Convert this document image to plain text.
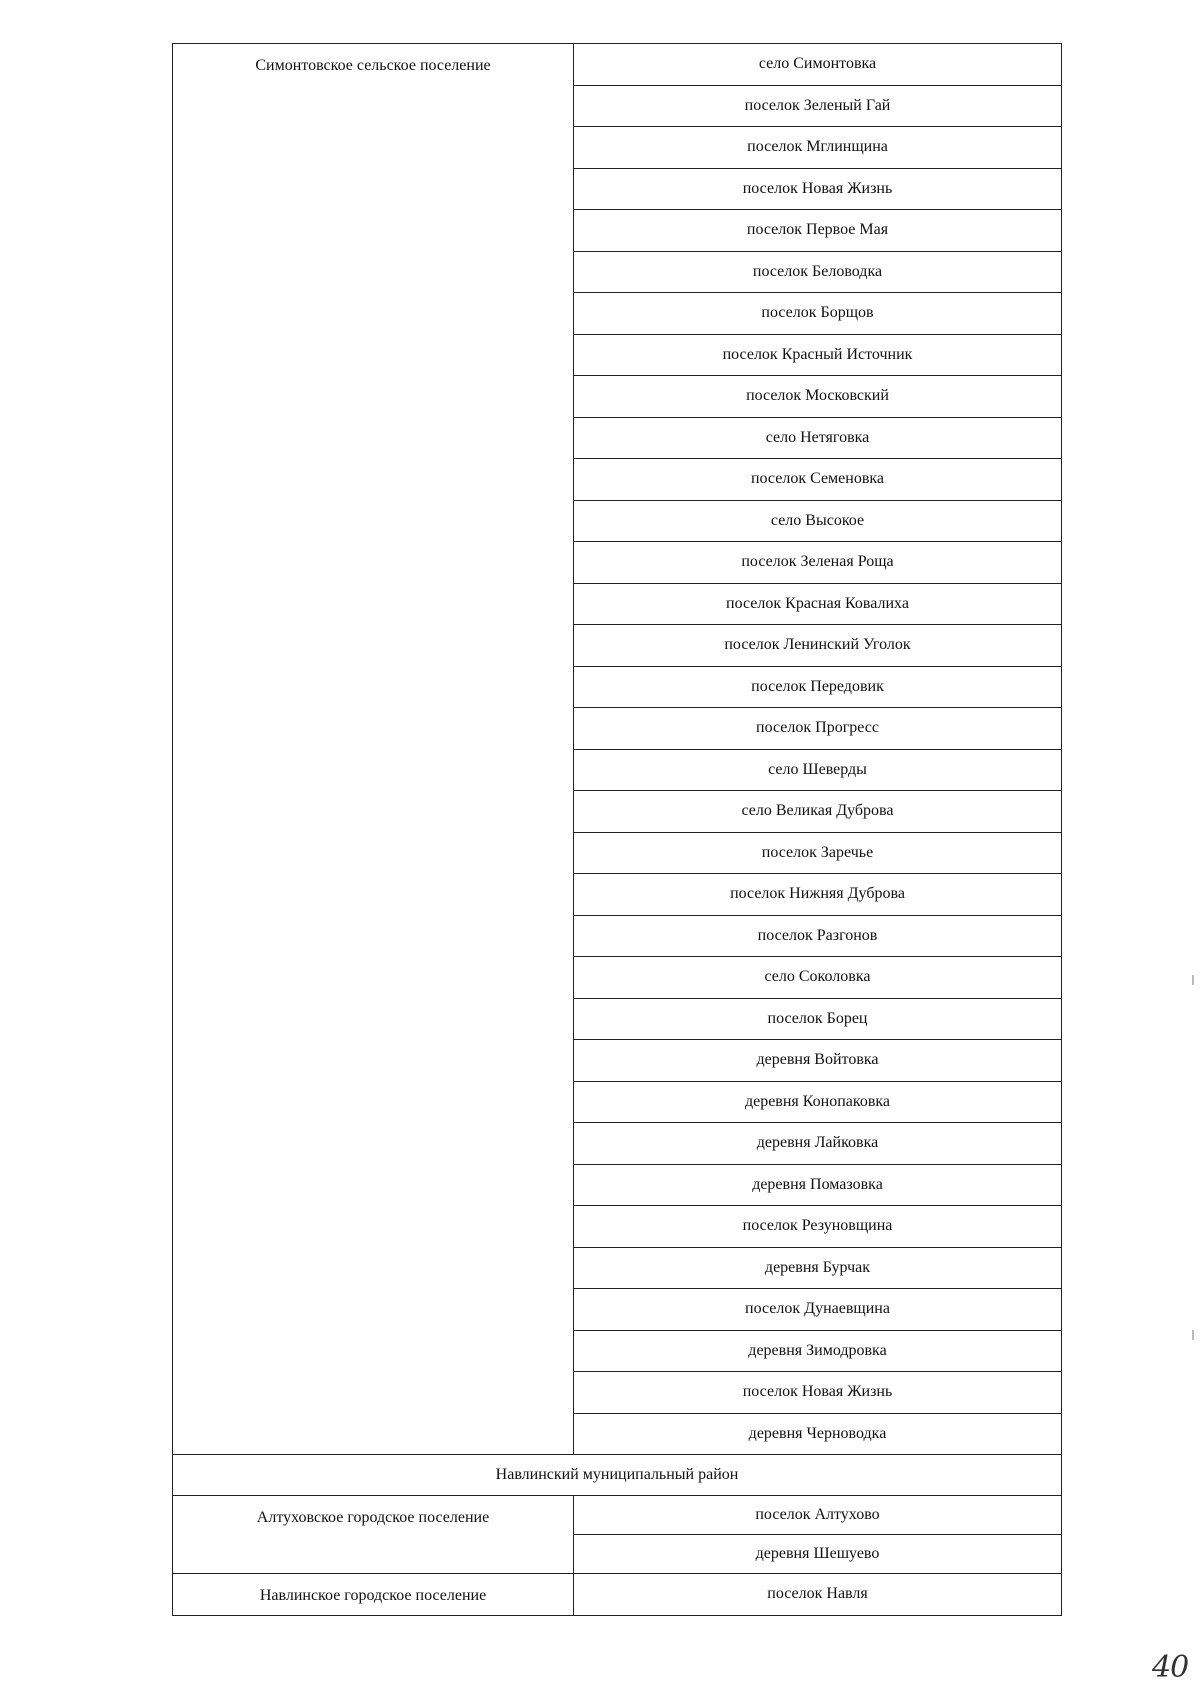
Симонтовское сельское поселение	село Симонтовка
	поселок Зеленый Гай
	поселок Мглинщина
	поселок Новая Жизнь
	поселок Первое Мая
	поселок Беловодка
	поселок Борщов
	поселок Красный Источник
	поселок Московский
	село Нетяговка
	поселок Семеновка
	село Высокое
	поселок Зеленая Роща
	поселок Красная Ковалиха
	поселок Ленинский Уголок
	поселок Передовик
	поселок Прогресс
	село Шеверды
	село Великая Дуброва
	поселок Заречье
	поселок Нижняя Дуброва
	поселок Разгонов
	село Соколовка
	поселок Борец
	деревня Войтовка
	деревня Конопаковка
	деревня Лайковка
	деревня Помазовка
	поселок Резуновщина
	деревня Бурчак
	поселок Дунаевщина
	деревня Зимодровка
	поселок Новая Жизнь
	деревня Черноводка
Навлинский муниципальный район	
Алтуховское городское поселение	поселок Алтухово
	деревня Шешуево
Навлинское городское поселение	поселок Навля
40
